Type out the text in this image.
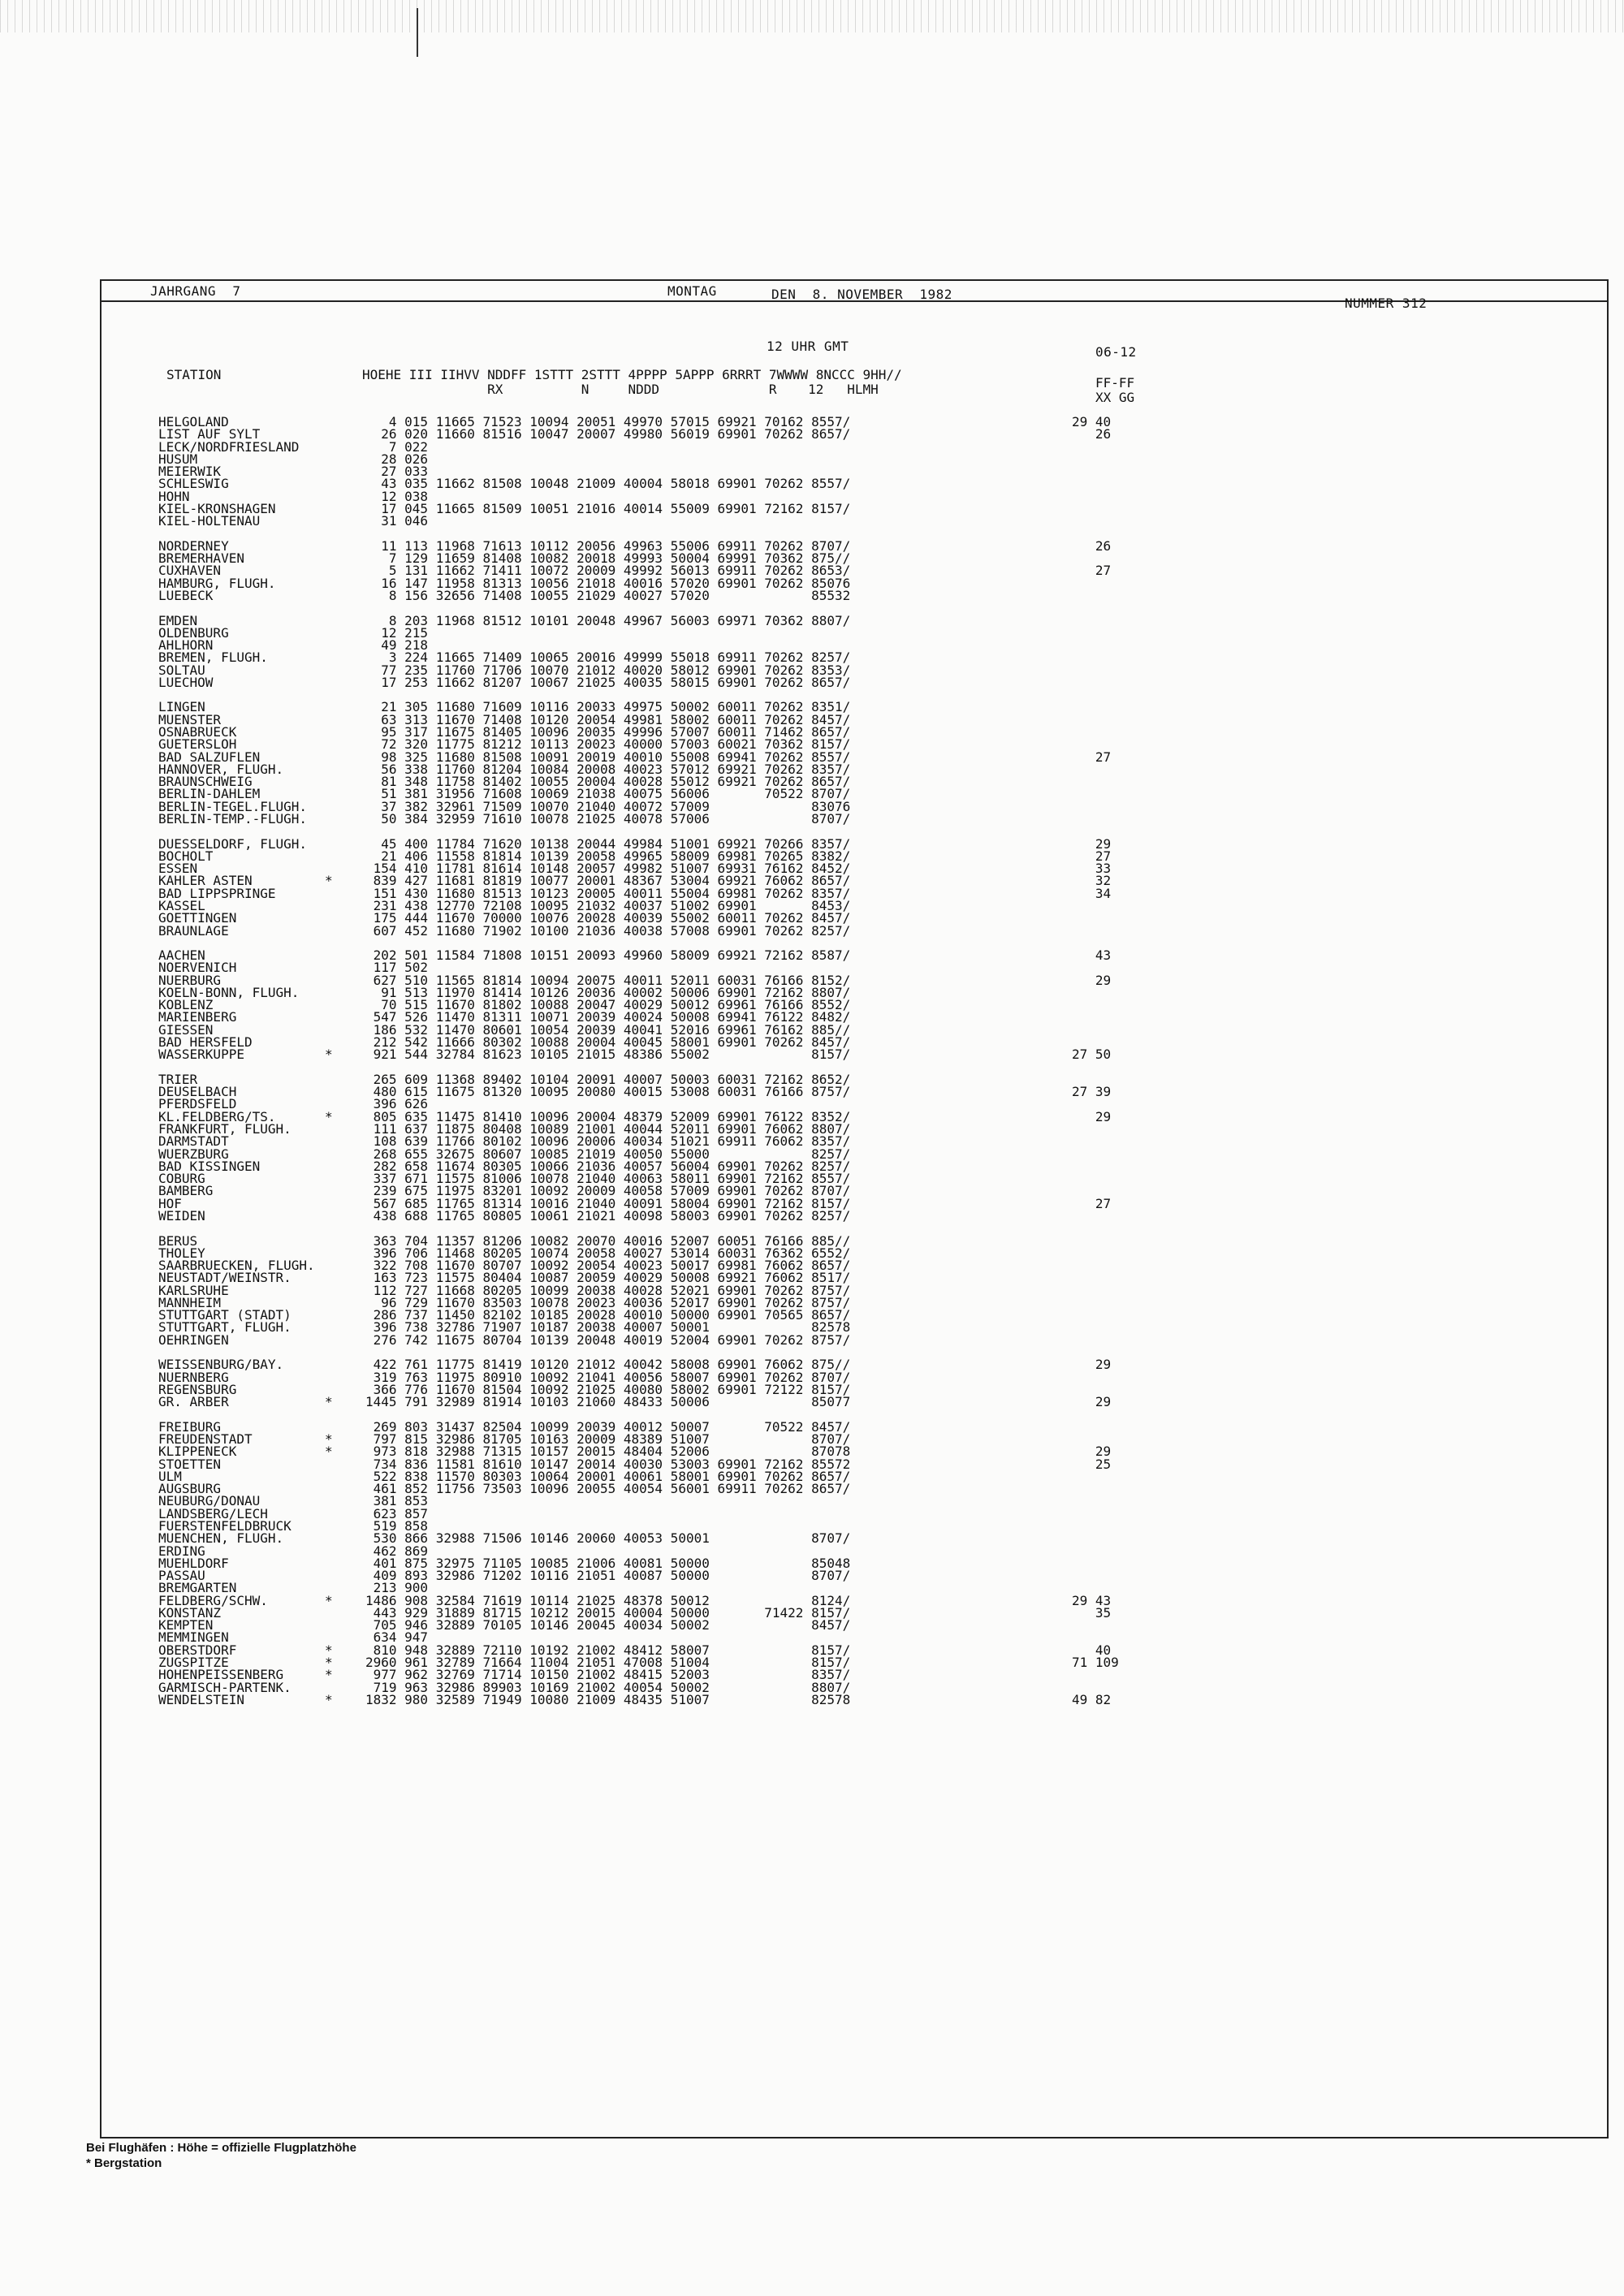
JAHRGANG  7	MONTAG	DEN  8. NOVEMBER  1982
NUMMER 312
12 UHR GMT	06-12
STATION	HOEHE III IIHVV NDDFF 1STTT 2STTT 4PPPP 5APPP 6RRRT 7WWWW 8NCCC 9HH//
RX          N     NDDD              R    12   HLMH	FF-FF
XX GG
HELGOLAND	4 015 11665 71523 10094 20051 49970 57015 69921 70162 8557/	29 40
LIST AUF SYLT	26 020 11660 81516 10047 20007 49980 56019 69901 70262 8657/	26
LECK/NORDFRIESLAND	7 022
HUSUM	28 026
MEIERWIK	27 033
SCHLESWIG	43 035 11662 81508 10048 21009 40004 58018 69901 70262 8557/
HOHN	12 038
KIEL-KRONSHAGEN	17 045 11665 81509 10051 21016 40014 55009 69901 72162 8157/
KIEL-HOLTENAU	31 046
NORDERNEY	11 113 11968 71613 10112 20056 49963 55006 69911 70262 8707/	26
BREMERHAVEN	7 129 11659 81408 10082 20018 49993 50004 69991 70362 875//
CUXHAVEN	5 131 11662 71411 10072 20009 49992 56013 69911 70262 8653/	27
HAMBURG, FLUGH.	16 147 11958 81313 10056 21018 40016 57020 69901 70262 85076
LUEBECK	8 156 32656 71408 10055 21029 40027 57020             85532
EMDEN	8 203 11968 81512 10101 20048 49967 56003 69971 70362 8807/
OLDENBURG	12 215
AHLHORN	49 218
BREMEN, FLUGH.	3 224 11665 71409 10065 20016 49999 55018 69911 70262 8257/
SOLTAU	77 235 11760 71706 10070 21012 40020 58012 69901 70262 8353/
LUECHOW	17 253 11662 81207 10067 21025 40035 58015 69901 70262 8657/
LINGEN	21 305 11680 71609 10116 20033 49975 50002 60011 70262 8351/
MUENSTER	63 313 11670 71408 10120 20054 49981 58002 60011 70262 8457/
OSNABRUECK	95 317 11675 81405 10096 20035 49996 57007 60011 71462 8657/
GUETERSLOH	72 320 11775 81212 10113 20023 40000 57003 60021 70362 8157/
BAD SALZUFLEN	98 325 11680 81508 10091 20019 40010 55008 69941 70262 8557/	27
HANNOVER, FLUGH.	56 338 11760 81204 10084 20008 40023 57012 69921 70262 8357/
BRAUNSCHWEIG	81 348 11758 81402 10055 20004 40028 55012 69921 70262 8657/
BERLIN-DAHLEM	51 381 31956 71608 10069 21038 40075 56006       70522 8707/
BERLIN-TEGEL.FLUGH.	37 382 32961 71509 10070 21040 40072 57009             83076
BERLIN-TEMP.-FLUGH.	50 384 32959 71610 10078 21025 40078 57006             8707/
DUESSELDORF, FLUGH.	45 400 11784 71620 10138 20044 49984 51001 69921 70266 8357/	29
BOCHOLT	21 406 11558 81814 10139 20058 49965 58009 69981 70265 8382/	27
ESSEN	154 410 11781 81614 10148 20057 49982 51007 69931 76162 8452/	33
KAHLER ASTEN	*	839 427 11681 81819 10077 20001 48367 53004 69921 76062 8657/	32
BAD LIPPSPRINGE	151 430 11680 81513 10123 20005 40011 55004 69981 70262 8357/	34
KASSEL	231 438 12770 72108 10095 21032 40037 51002 69901       8453/
GOETTINGEN	175 444 11670 70000 10076 20028 40039 55002 60011 70262 8457/
BRAUNLAGE	607 452 11680 71902 10100 21036 40038 57008 69901 70262 8257/
AACHEN	202 501 11584 71808 10151 20093 49960 58009 69921 72162 8587/	43
NOERVENICH	117 502
NUERBURG	627 510 11565 81814 10094 20075 40011 52011 60031 76166 8152/	29
KOELN-BONN, FLUGH.	91 513 11970 81414 10126 20036 40002 50006 69901 72162 8807/
KOBLENZ	70 515 11670 81802 10088 20047 40029 50012 69961 76166 8552/
MARIENBERG	547 526 11470 81311 10071 20039 40024 50008 69941 76122 8482/
GIESSEN	186 532 11470 80601 10054 20039 40041 52016 69961 76162 885//
BAD HERSFELD	212 542 11666 80302 10088 20004 40045 58001 69901 70262 8457/
WASSERKUPPE	*	921 544 32784 81623 10105 21015 48386 55002             8157/	27 50
TRIER	265 609 11368 89402 10104 20091 40007 50003 60031 72162 8652/
DEUSELBACH	480 615 11675 81320 10095 20080 40015 53008 60031 76166 8757/	27 39
PFERDSFELD	396 626
KL.FELDBERG/TS.	*	805 635 11475 81410 10096 20004 48379 52009 69901 76122 8352/	29
FRANKFURT, FLUGH.	111 637 11875 80408 10089 21001 40044 52011 69901 76062 8807/
DARMSTADT	108 639 11766 80102 10096 20006 40034 51021 69911 76062 8357/
WUERZBURG	268 655 32675 80607 10085 21019 40050 55000             8257/
BAD KISSINGEN	282 658 11674 80305 10066 21036 40057 56004 69901 70262 8257/
COBURG	337 671 11575 81006 10078 21040 40063 58011 69901 72162 8557/
BAMBERG	239 675 11975 83201 10092 20009 40058 57009 69901 70262 8707/
HOF	567 685 11765 81314 10016 21040 40091 58004 69901 72162 8157/	27
WEIDEN	438 688 11765 80805 10061 21021 40098 58003 69901 70262 8257/
BERUS	363 704 11357 81206 10082 20070 40016 52007 60051 76166 885//
THOLEY	396 706 11468 80205 10074 20058 40027 53014 60031 76362 6552/
SAARBRUECKEN, FLUGH.	322 708 11670 80707 10092 20054 40023 50017 69981 76062 8657/
NEUSTADT/WEINSTR.	163 723 11575 80404 10087 20059 40029 50008 69921 76062 8517/
KARLSRUHE	112 727 11668 80205 10099 20038 40028 52021 69901 70262 8757/
MANNHEIM	96 729 11670 83503 10078 20023 40036 52017 69901 70262 8757/
STUTTGART (STADT)	286 737 11450 82102 10185 20028 40010 50000 69901 70565 8657/
STUTTGART, FLUGH.	396 738 32786 71907 10187 20038 40007 50001             82578
OEHRINGEN	276 742 11675 80704 10139 20048 40019 52004 69901 70262 8757/
WEISSENBURG/BAY.	422 761 11775 81419 10120 21012 40042 58008 69901 76062 875//	29
NUERNBERG	319 763 11975 80910 10092 21041 40056 58007 69901 70262 8707/
REGENSBURG	366 776 11670 81504 10092 21025 40080 58002 69901 72122 8157/
GR. ARBER	*	1445 791 32989 81914 10103 21060 48433 50006             85077	29
FREIBURG	269 803 31437 82504 10099 20039 40012 50007       70522 8457/
FREUDENSTADT	*	797 815 32986 81705 10163 20009 48389 51007             8707/
KLIPPENECK	*	973 818 32988 71315 10157 20015 48404 52006             87078	29
STOETTEN	734 836 11581 81610 10147 20014 40030 53003 69901 72162 85572	25
ULM	522 838 11570 80303 10064 20001 40061 58001 69901 70262 8657/
AUGSBURG	461 852 11756 73503 10096 20055 40054 56001 69911 70262 8657/
NEUBURG/DONAU	381 853
LANDSBERG/LECH	623 857
FUERSTENFELDBRUCK	519 858
MUENCHEN, FLUGH.	530 866 32988 71506 10146 20060 40053 50001             8707/
ERDING	462 869
MUEHLDORF	401 875 32975 71105 10085 21006 40081 50000             85048
PASSAU	409 893 32986 71202 10116 21051 40087 50000             8707/
BREMGARTEN	213 900
FELDBERG/SCHW.	*	1486 908 32584 71619 10114 21025 48378 50012             8124/	29 43
KONSTANZ	443 929 31889 81715 10212 20015 40004 50000       71422 8157/	35
KEMPTEN	705 946 32889 70105 10146 20045 40034 50002             8457/
MEMMINGEN	634 947
OBERSTDORF	*	810 948 32889 72110 10192 21002 48412 58007             8157/	40
ZUGSPITZE	*	2960 961 32789 71664 11004 21051 47008 51004             8157/	71 109
HOHENPEISSENBERG	*	977 962 32769 71714 10150 21002 48415 52003             8357/
GARMISCH-PARTENK.	719 963 32986 89903 10169 21002 40054 50002             8807/
WENDELSTEIN	*	1832 980 32589 71949 10080 21009 48435 51007             82578	49 82
Bei Flughäfen : Höhe = offizielle Flugplatzhöhe
* Bergstation
